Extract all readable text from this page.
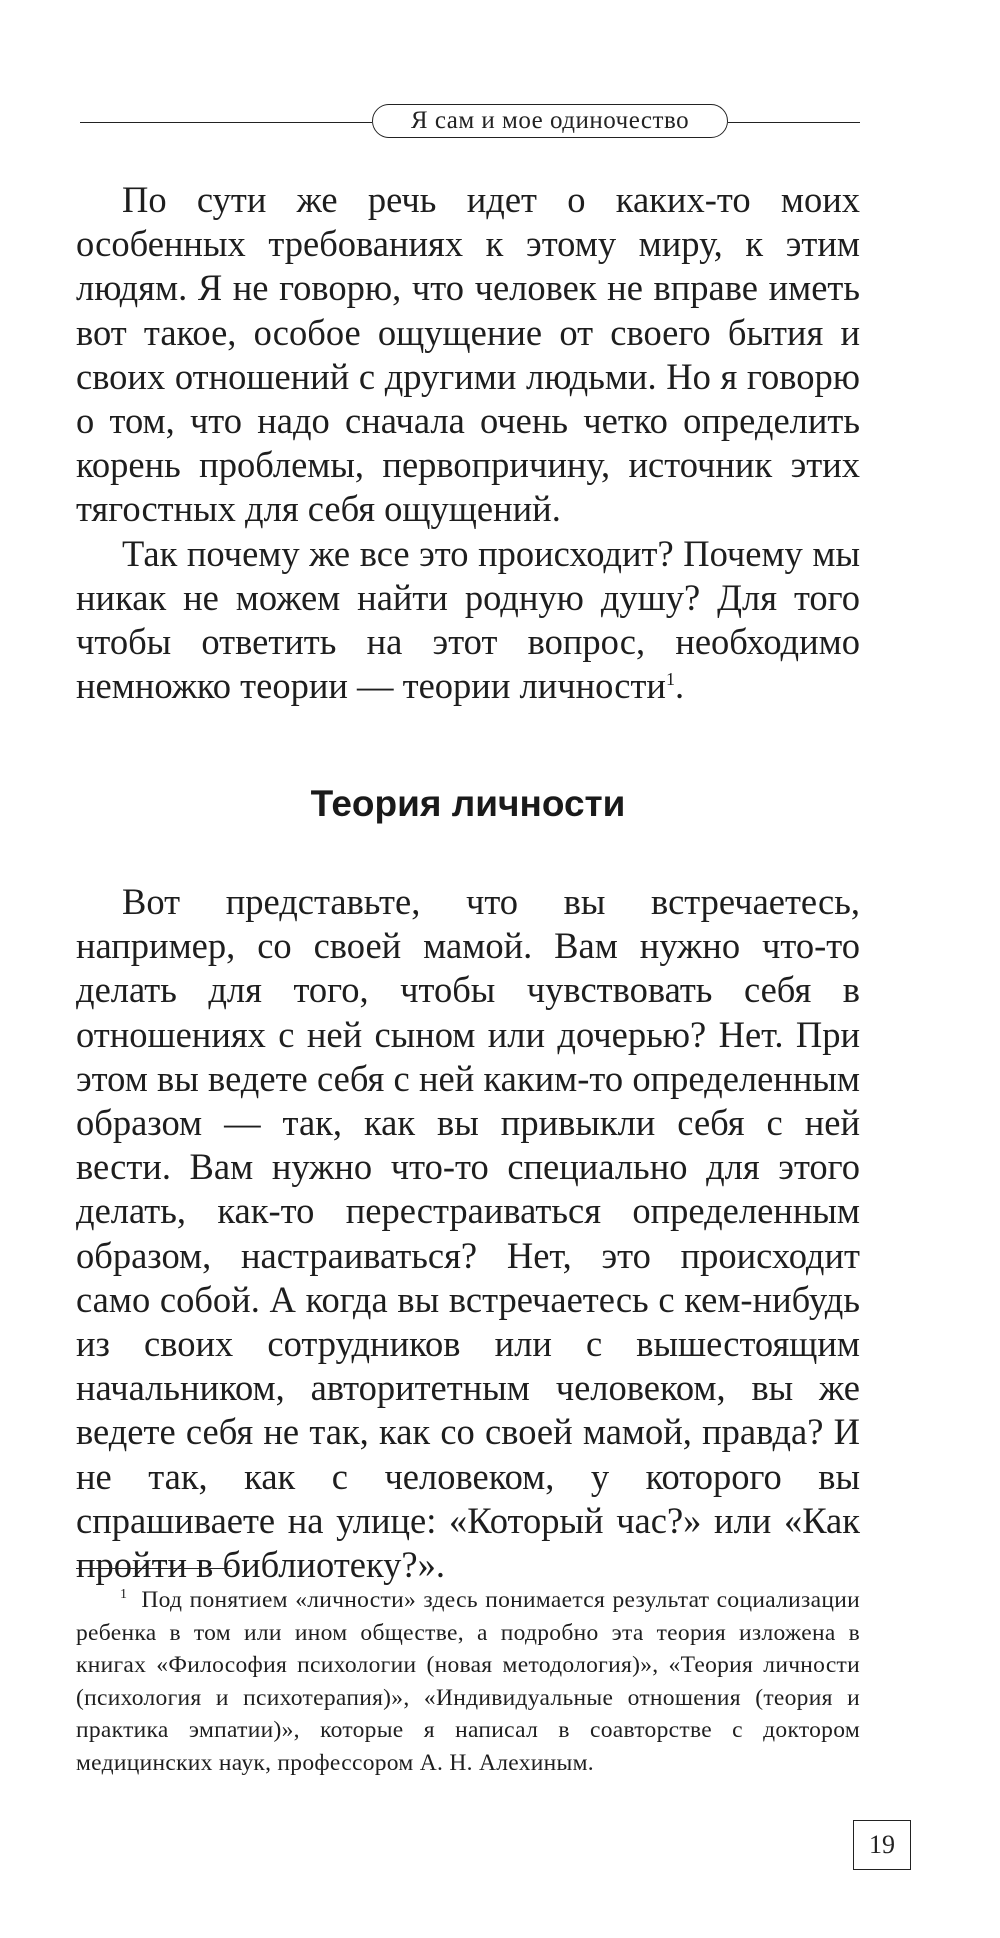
Я сам и мое одиночество

По сути же речь идет о каких-то моих особенных требованиях к этому миру, к этим людям. Я не говорю, что человек не вправе иметь вот такое, особое ощущение от своего бытия и своих отношений с другими людьми. Но я говорю о том, что надо сначала очень четко определить корень проблемы, первопричину, источник этих тягостных для себя ощущений.

Так почему же все это происходит? Почему мы никак не можем найти родную душу? Для того чтобы ответить на этот вопрос, необходимо немножко теории — теории личности$^1$.

Теория личности

Вот представьте, что вы встречаетесь, например, со своей мамой. Вам нужно что-то делать для того, чтобы чувствовать себя в отношениях с ней сыном или дочерью? Нет. При этом вы ведете себя с ней каким-то определенным образом — так, как вы привыкли себя с ней вести. Вам нужно что-то специально для этого делать, как-то перестраиваться определенным образом, настраиваться? Нет, это происходит само собой. А когда вы встречаетесь с кем-нибудь из своих сотрудников или с вышестоящим начальником, авторитетным человеком, вы же ведете себя не так, как со своей мамой, правда? И не так, как с человеком, у которого вы спрашиваете на улице: «Который час?» или «Как пройти в библиотеку?».

$^1$ Под понятием «личности» здесь понимается результат социализации ребенка в том или ином обществе, а подробно эта теория изложена в книгах «Философия психологии (новая методология)», «Теория личности (психология и психотерапия)», «Индивидуальные отношения (теория и практика эмпатии)», которые я написал в соавторстве с доктором медицинских наук, профессором А. Н. Алехиным.

19
